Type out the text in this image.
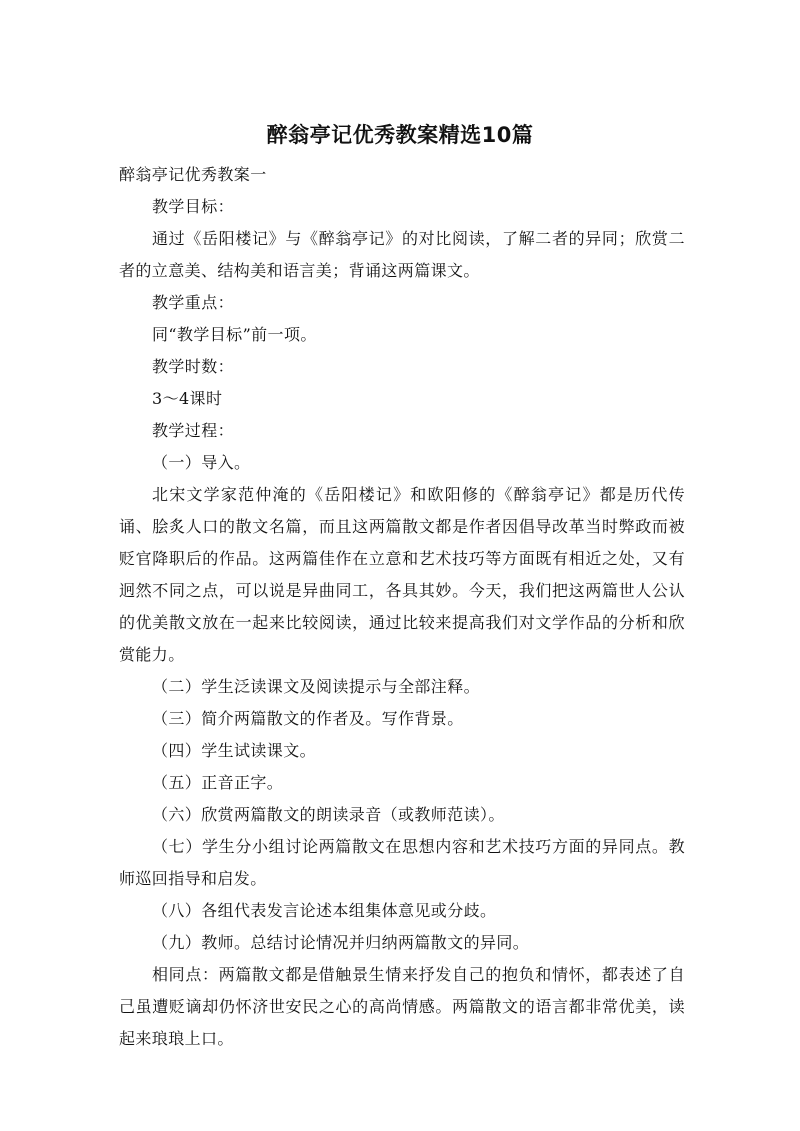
醉翁亭记优秀教案精选10篇

醉翁亭记优秀教案一

教学目标：

通过《岳阳楼记》与《醉翁亭记》的对比阅读，了解二者的异同；欣赏二者的立意美、结构美和语言美；背诵这两篇课文。

教学重点：

同“教学目标”前一项。

教学时数：

3～4课时

教学过程：

（一）导入。

北宋文学家范仲淹的《岳阳楼记》和欧阳修的《醉翁亭记》都是历代传诵、脍炙人口的散文名篇，而且这两篇散文都是作者因倡导改革当时弊政而被贬官降职后的作品。这两篇佳作在立意和艺术技巧等方面既有相近之处，又有迥然不同之点，可以说是异曲同工，各具其妙。今天，我们把这两篇世人公认的优美散文放在一起来比较阅读，通过比较来提高我们对文学作品的分析和欣赏能力。

（二）学生泛读课文及阅读提示与全部注释。

（三）简介两篇散文的作者及。写作背景。

（四）学生试读课文。

（五）正音正字。

（六）欣赏两篇散文的朗读录音（或教师范读）。

（七）学生分小组讨论两篇散文在思想内容和艺术技巧方面的异同点。教师巡回指导和启发。

（八）各组代表发言论述本组集体意见或分歧。

（九）教师。总结讨论情况并归纳两篇散文的异同。

相同点：两篇散文都是借触景生情来抒发自己的抱负和情怀，都表述了自己虽遭贬谪却仍怀济世安民之心的高尚情感。两篇散文的语言都非常优美，读起来琅琅上口。
